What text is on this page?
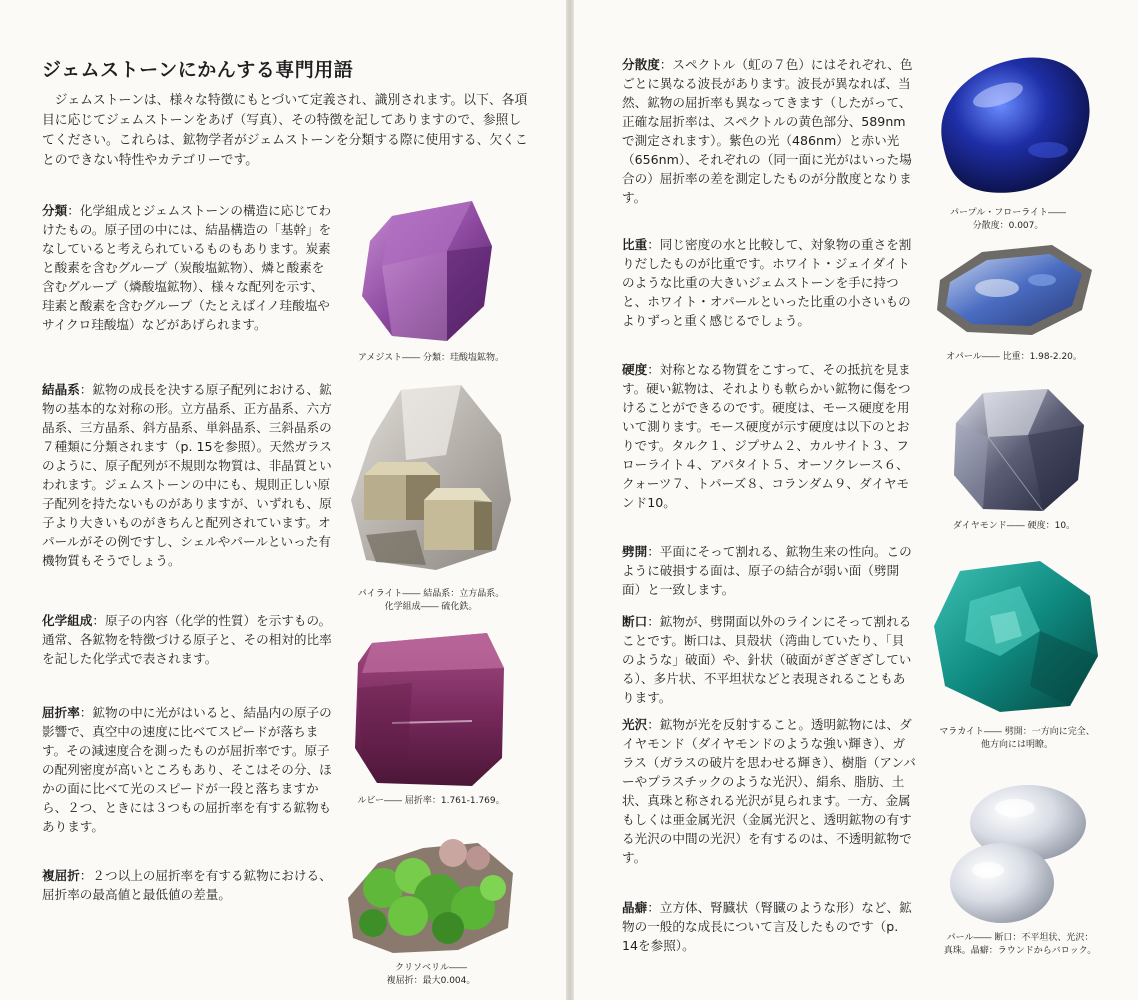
ジェムストーンにかんする専門用語
ジェムストーンは、様々な特徴にもとづいて定義され、識別されます。以下、各項目に応じてジェムストーンをあげ（写真）、その特徴を記してありますので、参照してください。これらは、鉱物学者がジェムストーンを分類する際に使用する、欠くことのできない特性やカテゴリーです。
分類：化学組成とジェムストーンの構造に応じてわけたもの。原子団の中には、結晶構造の「基幹」をなしていると考えられているものもあります。炭素と酸素を含むグループ（炭酸塩鉱物）、燐と酸素を含むグループ（燐酸塩鉱物）、様々な配列を示す、珪素と酸素を含むグループ（たとえばイノ珪酸塩やサイクロ珪酸塩）などがあげられます。
結晶系：鉱物の成長を決する原子配列における、鉱物の基本的な対称の形。立方晶系、正方晶系、六方晶系、三方晶系、斜方晶系、単斜晶系、三斜晶系の７種類に分類されます（p. 15を参照）。天然ガラスのように、原子配列が不規則な物質は、非晶質といわれます。ジェムストーンの中にも、規則正しい原子配列を持たないものがありますが、いずれも、原子より大きいものがきちんと配列されています。オパールがその例ですし、シェルやパールといった有機物質もそうでしょう。
化学組成：原子の内容（化学的性質）を示すもの。通常、各鉱物を特徴づける原子と、その相対的比率を記した化学式で表されます。
屈折率：鉱物の中に光がはいると、結晶内の原子の影響で、真空中の速度に比べてスピードが落ちます。その減速度合を測ったものが屈折率です。原子の配列密度が高いところもあり、そこはその分、ほかの面に比べて光のスピードが一段と落ちますから、２つ、ときには３つもの屈折率を有する鉱物もあります。
複屈折：２つ以上の屈折率を有する鉱物における、屈折率の最高値と最低値の差量。
アメジスト―― 分類：珪酸塩鉱物。
パイライト―― 結晶系：立方晶系。
化学組成―― 硫化鉄。
ルビー―― 屈折率：1.761-1.769。
クリソベリル――
複屈折：最大0.004。
分散度：スペクトル（虹の７色）にはそれぞれ、色ごとに異なる波長があります。波長が異なれば、当然、鉱物の屈折率も異なってきます（したがって、正確な屈折率は、スペクトルの黄色部分、589nmで測定されます）。紫色の光（486nm）と赤い光（656nm）、それぞれの（同一面に光がはいった場合の）屈折率の差を測定したものが分散度となります。
比重：同じ密度の水と比較して、対象物の重さを割りだしたものが比重です。ホワイト・ジェイダイトのような比重の大きいジェムストーンを手に持つと、ホワイト・オパールといった比重の小さいものよりずっと重く感じるでしょう。
硬度：対称となる物質をこすって、その抵抗を見ます。硬い鉱物は、それよりも軟らかい鉱物に傷をつけることができるのです。硬度は、モース硬度を用いて測ります。モース硬度が示す硬度は以下のとおりです。タルク１、ジプサム２、カルサイト３、フローライト４、アパタイト５、オーソクレース６、クォーツ７、トパーズ８、コランダム９、ダイヤモンド10。
劈開：平面にそって割れる、鉱物生来の性向。このように破損する面は、原子の結合が弱い面（劈開面）と一致します。
断口：鉱物が、劈開面以外のラインにそって割れることです。断口は、貝殻状（湾曲していたり、「貝のような」破面）や、針状（破面がぎざぎざしている）、多片状、不平坦状などと表現されることもあります。
光沢：鉱物が光を反射すること。透明鉱物には、ダイヤモンド（ダイヤモンドのような強い輝き）、ガラス（ガラスの破片を思わせる輝き）、樹脂（アンバーやプラスチックのような光沢）、絹糸、脂肪、土状、真珠と称される光沢が見られます。一方、金属もしくは亜金属光沢（金属光沢と、透明鉱物の有する光沢の中間の光沢）を有するのは、不透明鉱物です。
晶癖：立方体、腎臓状（腎臓のような形）など、鉱物の一般的な成長について言及したものです（p. 14を参照）。
パープル・フローライト――
分散度：0.007。
オパール―― 比重：1.98-2.20。
ダイヤモンド―― 硬度：10。
マラカイト―― 劈開：一方向に完全、
他方向には明瞭。
パール―― 断口：不平坦状、光沢：
真珠。晶癖：ラウンドからバロック。
